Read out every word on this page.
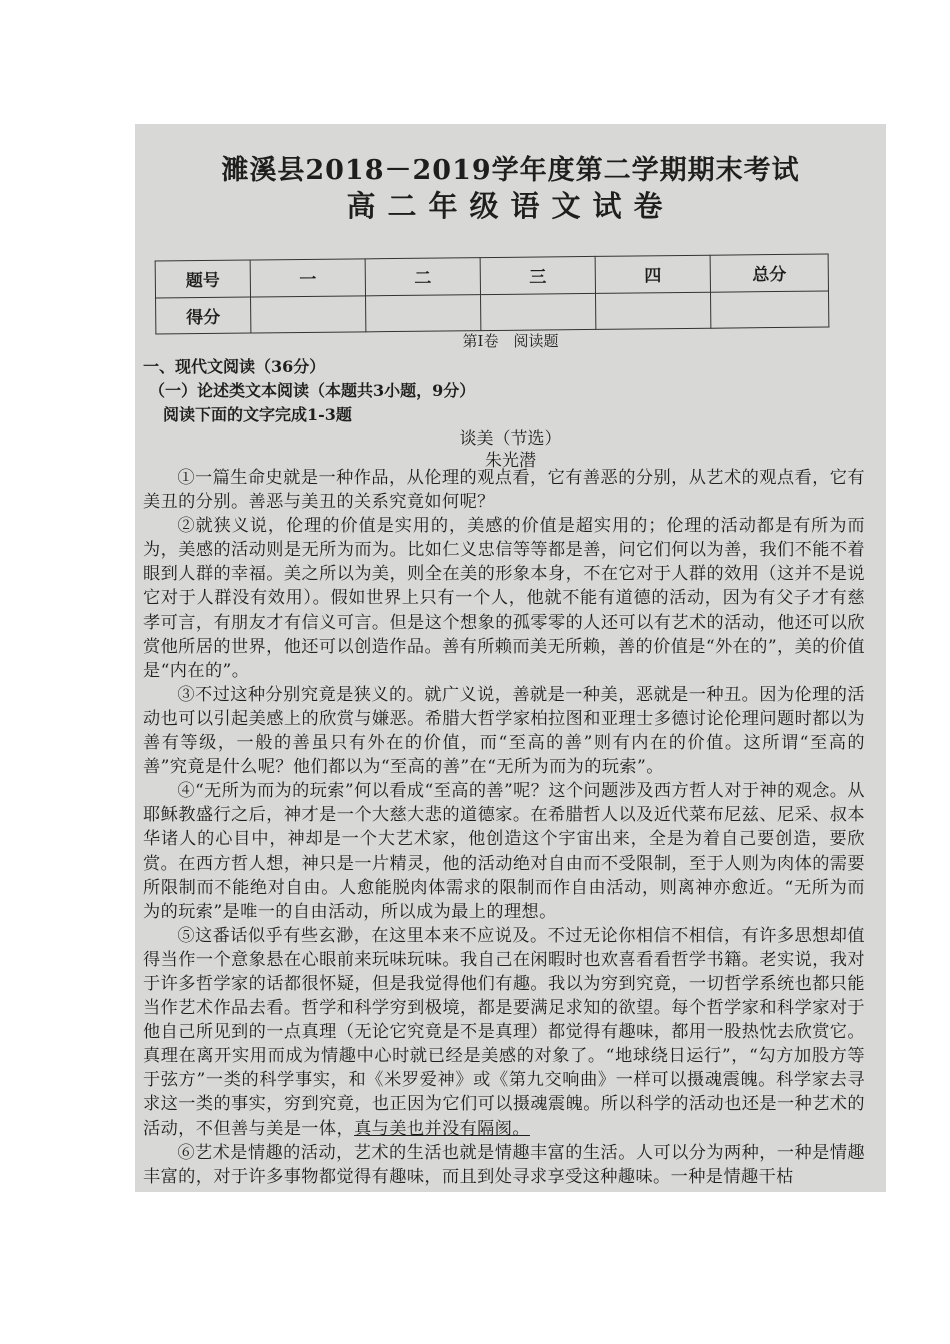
濉溪县2018－2019学年度第二学期期末考试
高二年级语文试卷
题号	一	二	三	四	总分
得分					
第Ⅰ卷　阅读题
一、现代文阅读（36分）
（一）论述类文本阅读（本题共3小题，9分）
阅读下面的文字完成1-3题
谈美（节选）
朱光潜

①一篇生命史就是一种作品，从伦理的观点看，它有善恶的分别，从艺术的观点看，它有美丑的分别。善恶与美丑的关系究竟如何呢？

②就狭义说，伦理的价值是实用的，美感的价值是超实用的；伦理的活动都是有所为而为，美感的活动则是无所为而为。比如仁义忠信等等都是善，问它们何以为善，我们不能不着眼到人群的幸福。美之所以为美，则全在美的形象本身，不在它对于人群的效用（这并不是说它对于人群没有效用）。假如世界上只有一个人，他就不能有道德的活动，因为有父子才有慈孝可言，有朋友才有信义可言。但是这个想象的孤零零的人还可以有艺术的活动，他还可以欣赏他所居的世界，他还可以创造作品。善有所赖而美无所赖，善的价值是“外在的”，美的价值是“内在的”。

③不过这种分别究竟是狭义的。就广义说，善就是一种美，恶就是一种丑。因为伦理的活动也可以引起美感上的欣赏与嫌恶。希腊大哲学家柏拉图和亚理士多德讨论伦理问题时都以为善有等级，一般的善虽只有外在的价值，而“至高的善”则有内在的价值。这所谓“至高的善”究竟是什么呢？他们都以为“至高的善”在“无所为而为的玩索”。

④“无所为而为的玩索”何以看成“至高的善”呢？这个问题涉及西方哲人对于神的观念。从耶稣教盛行之后，神才是一个大慈大悲的道德家。在希腊哲人以及近代菜布尼兹、尼采、叔本华诸人的心目中，神却是一个大艺术家，他创造这个宇宙出来，全是为着自己要创造，要欣赏。在西方哲人想，神只是一片精灵，他的活动绝对自由而不受限制，至于人则为肉体的需要所限制而不能绝对自由。人愈能脱肉体需求的限制而作自由活动，则离神亦愈近。“无所为而为的玩索”是唯一的自由活动，所以成为最上的理想。

⑤这番话似乎有些玄渺，在这里本来不应说及。不过无论你相信不相信，有许多思想却值得当作一个意象悬在心眼前来玩味玩味。我自己在闲暇时也欢喜看看哲学书籍。老实说，我对于许多哲学家的话都很怀疑，但是我觉得他们有趣。我以为穷到究竟，一切哲学系统也都只能当作艺术作品去看。哲学和科学穷到极境，都是要满足求知的欲望。每个哲学家和科学家对于他自己所见到的一点真理（无论它究竟是不是真理）都觉得有趣味，都用一股热忱去欣赏它。真理在离开实用而成为情趣中心时就已经是美感的对象了。“地球绕日运行”，“勾方加股方等于弦方”一类的科学事实，和《米罗爱神》或《第九交响曲》一样可以摄魂震魄。科学家去寻求这一类的事实，穷到究竟，也正因为它们可以摄魂震魄。所以科学的活动也还是一种艺术的活动，不但善与美是一体，真与美也并没有隔阂。

⑥艺术是情趣的活动，艺术的生活也就是情趣丰富的生活。人可以分为两种，一种是情趣丰富的，对于许多事物都觉得有趣味，而且到处寻求享受这种趣味。一种是情趣干枯
